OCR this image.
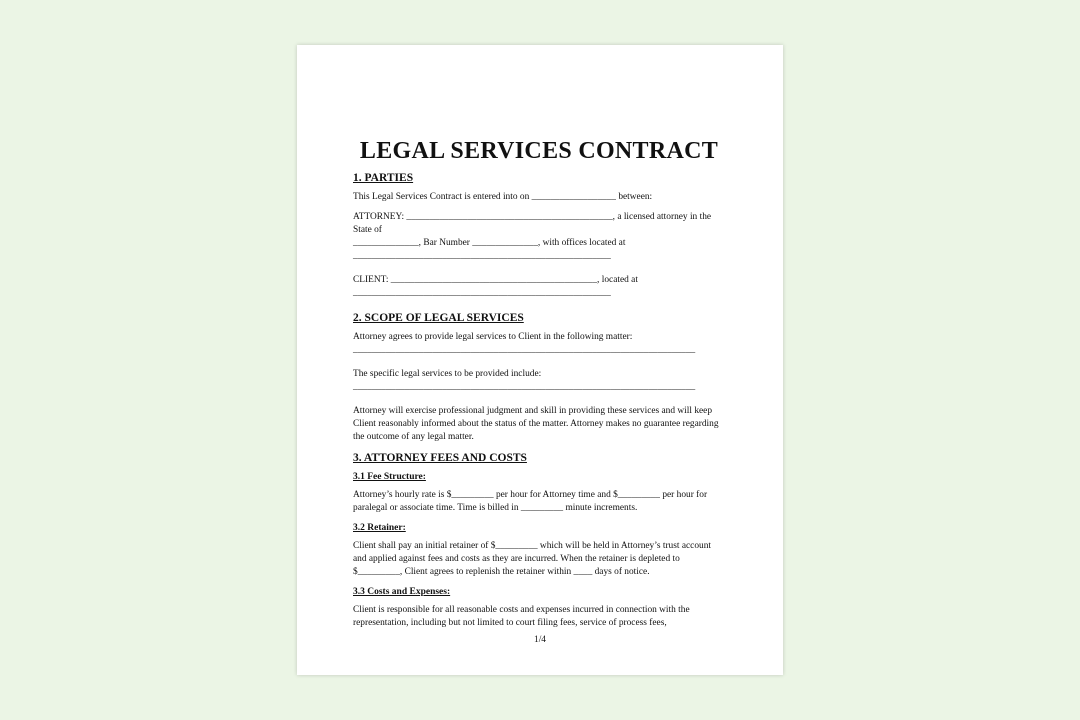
LEGAL SERVICES CONTRACT
1. PARTIES
This Legal Services Contract is entered into on __________________ between:
ATTORNEY: ____________________________________________, a licensed attorney in the State of
______________, Bar Number ______________, with offices located at
_______________________________________________________
CLIENT: ____________________________________________, located at
_______________________________________________________
2. SCOPE OF LEGAL SERVICES
Attorney agrees to provide legal services to Client in the following matter:
_________________________________________________________________________
The specific legal services to be provided include:
_________________________________________________________________________
Attorney will exercise professional judgment and skill in providing these services and will keep Client reasonably informed about the status of the matter. Attorney makes no guarantee regarding the outcome of any legal matter.
3. ATTORNEY FEES AND COSTS
3.1 Fee Structure:
Attorney’s hourly rate is $_________ per hour for Attorney time and $_________ per hour for paralegal or associate time. Time is billed in _________ minute increments.
3.2 Retainer:
Client shall pay an initial retainer of $_________ which will be held in Attorney’s trust account and applied against fees and costs as they are incurred. When the retainer is depleted to $_________, Client agrees to replenish the retainer within ____ days of notice.
3.3 Costs and Expenses:
Client is responsible for all reasonable costs and expenses incurred in connection with the representation, including but not limited to court filing fees, service of process fees,
1/4
